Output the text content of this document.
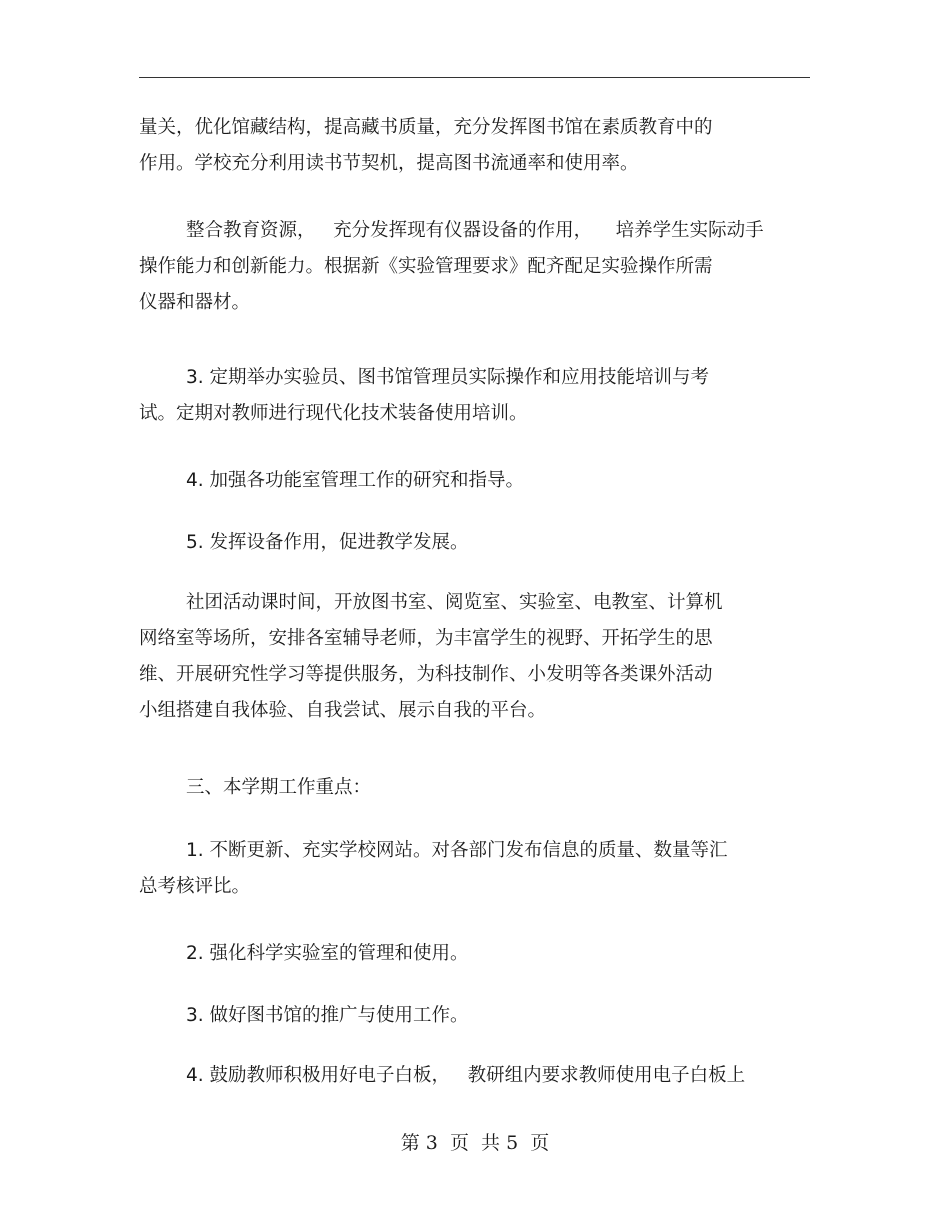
量关，优化馆藏结构，提高藏书质量，充分发挥图书馆在素质教育中的
作用。学校充分利用读书节契机，提高图书流通率和使用率。
整合教育资源，   充分发挥现有仪器设备的作用，    培养学生实际动手
操作能力和创新能力。根据新《实验管理要求》配齐配足实验操作所需
仪器和器材。
3. 定期举办实验员、图书馆管理员实际操作和应用技能培训与考
试。定期对教师进行现代化技术装备使用培训。
4. 加强各功能室管理工作的研究和指导。
5. 发挥设备作用，促进教学发展。
社团活动课时间，开放图书室、阅览室、实验室、电教室、计算机
网络室等场所，安排各室辅导老师，为丰富学生的视野、开拓学生的思
维、开展研究性学习等提供服务，为科技制作、小发明等各类课外活动
小组搭建自我体验、自我尝试、展示自我的平台。
三、本学期工作重点：
1. 不断更新、充实学校网站。对各部门发布信息的质量、数量等汇
总考核评比。
2. 强化科学实验室的管理和使用。
3. 做好图书馆的推广与使用工作。
4. 鼓励教师积极用好电子白板，   教研组内要求教师使用电子白板上
第 3  页  共 5  页
